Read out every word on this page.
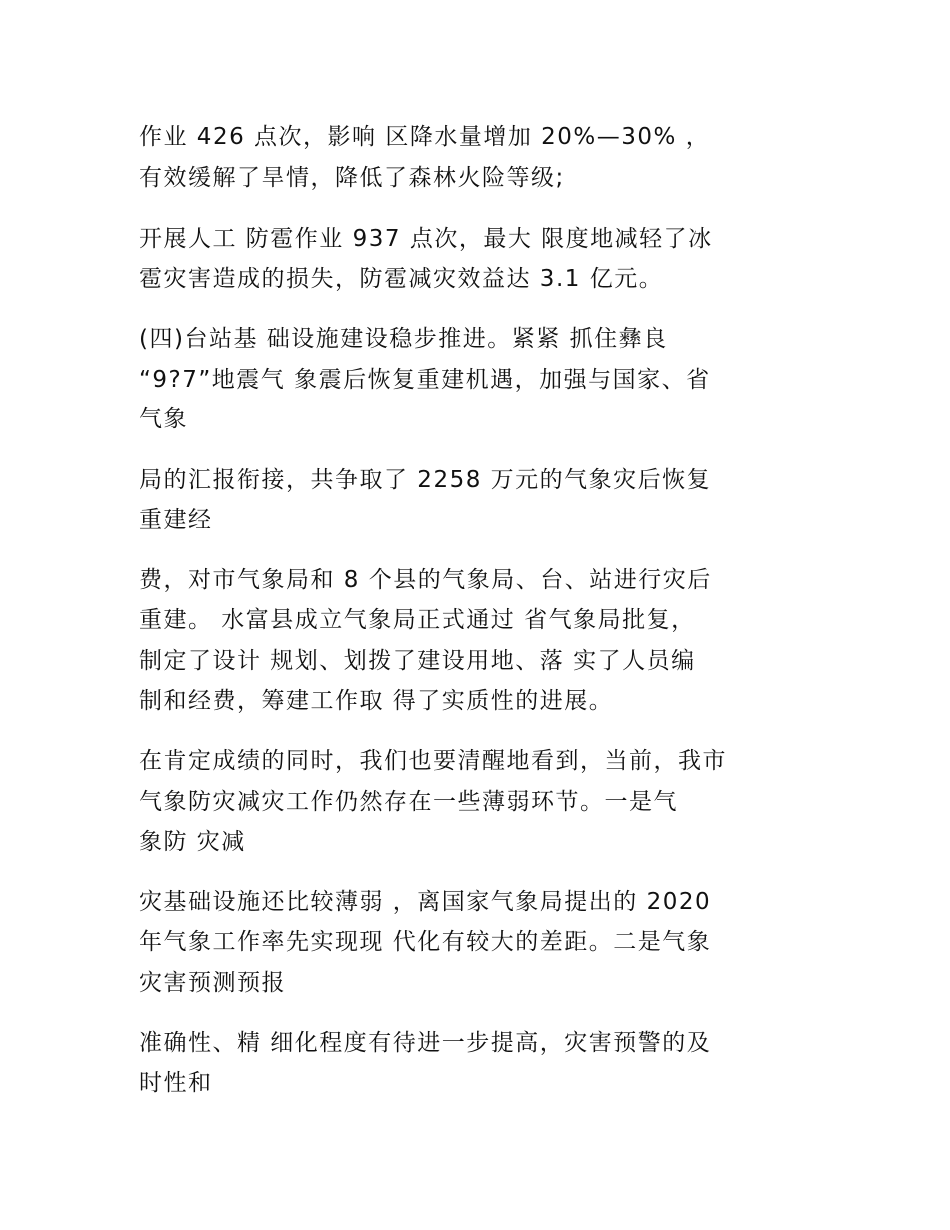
作业 426 点次，影响 区降水量增加 20%—30% ，
有效缓解了旱情，降低了森林火险等级;
开展人工 防雹作业 937 点次，最大 限度地减轻了冰
雹灾害造成的损失，防雹减灾效益达 3.1 亿元。
(四)台站基 础设施建设稳步推进。紧紧 抓住彝良
“9?7”地震气 象震后恢复重建机遇，加强与国家、省
气象
局的汇报衔接，共争取了 2258 万元的气象灾后恢复
重建经
费，对市气象局和 8 个县的气象局、台、站进行灾后
重建。 水富县成立气象局正式通过 省气象局批复，
制定了设计 规划、划拨了建设用地、落 实了人员编
制和经费，筹建工作取 得了实质性的进展。
在肯定成绩的同时，我们也要清醒地看到，当前，我市
气象防灾减灾工作仍然存在一些薄弱环节。一是气
象防 灾减
灾基础设施还比较薄弱 ，离国家气象局提出的 2020
年气象工作率先实现现 代化有较大的差距。二是气象
灾害预测预报
准确性、精 细化程度有待进一步提高，灾害预警的及
时性和
